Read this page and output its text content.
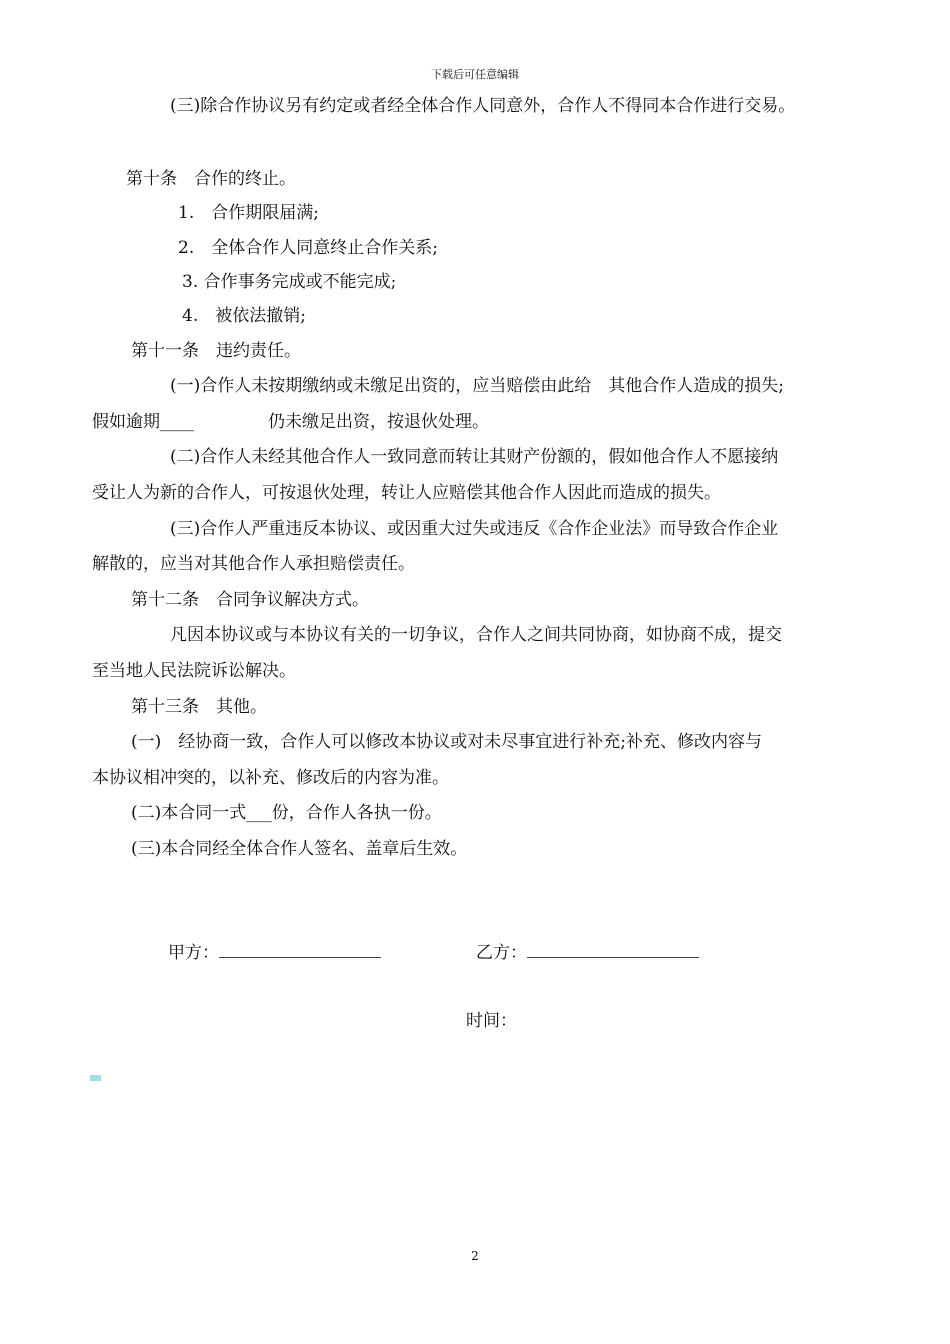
下载后可任意编辑
(三)除合作协议另有约定或者经全体合作人同意外，合作人不得同本合作进行交易。
第十条　合作的终止。
1.　合作期限届满;
2.　全体合作人同意终止合作关系;
3. 合作事务完成或不能完成;
4.　被依法撤销;
第十一条　违约责任。
(一)合作人未按期缴纳或未缴足出资的，应当赔偿由此给　其他合作人造成的损失;
假如逾期____	仍未缴足出资，按退伙处理。
(二)合作人未经其他合作人一致同意而转让其财产份额的，假如他合作人不愿接纳
受让人为新的合作人，可按退伙处理，转让人应赔偿其他合作人因此而造成的损失。
(三)合作人严重违反本协议、或因重大过失或违反《合作企业法》而导致合作企业
解散的，应当对其他合作人承担赔偿责任。
第十二条　合同争议解决方式。
凡因本协议或与本协议有关的一切争议，合作人之间共同协商，如协商不成，提交
至当地人民法院诉讼解决。
第十三条　其他。
(一)　经协商一致，合作人可以修改本协议或对未尽事宜进行补充;补充、修改内容与
本协议相冲突的，以补充、修改后的内容为准。
(二)本合同一式___份，合作人各执一份。
(三)本合同经全体合作人签名、盖章后生效。
甲方：	乙方：
时间：
2
